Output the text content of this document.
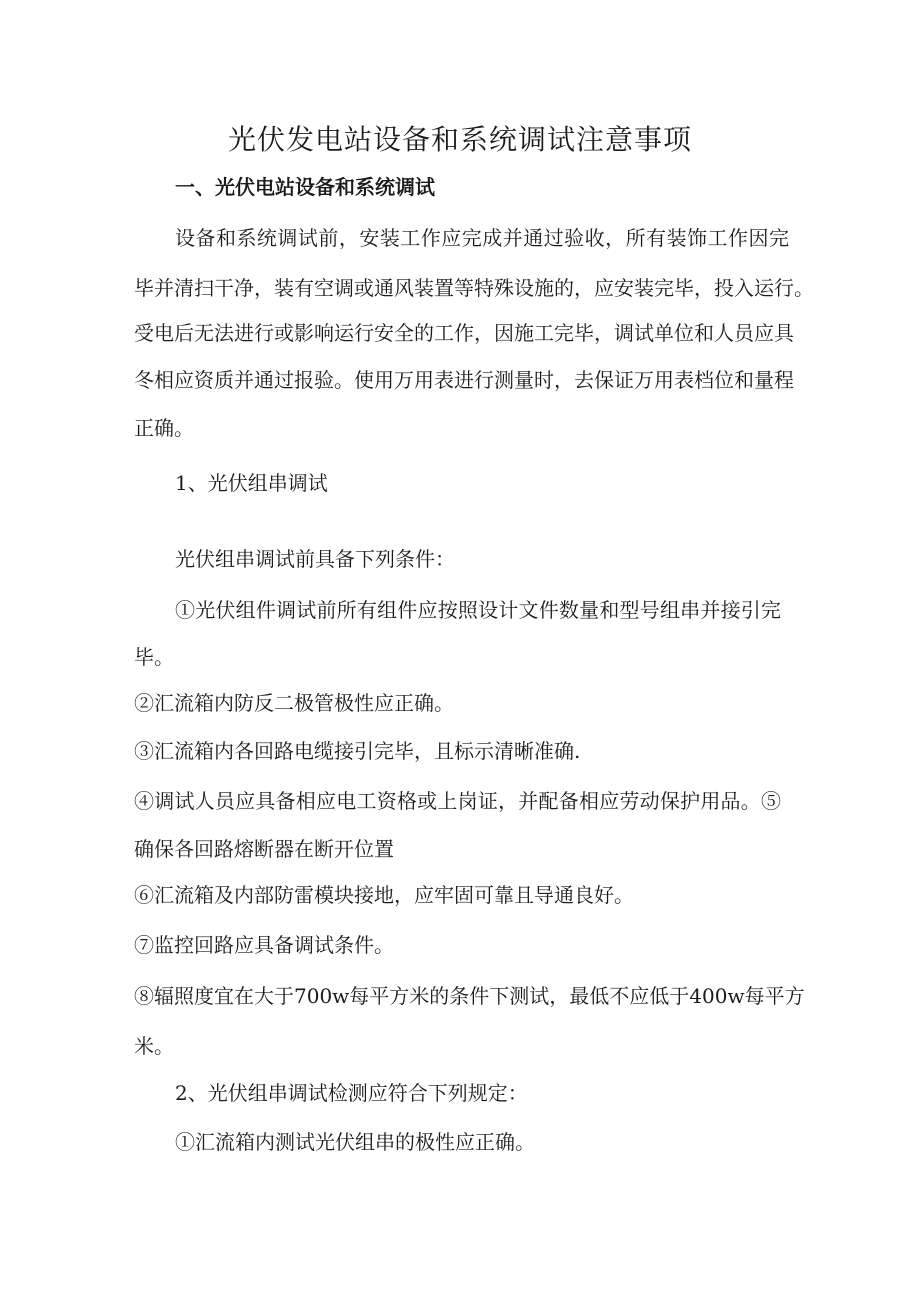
光伏发电站设备和系统调试注意事项
一、光伏电站设备和系统调试
设备和系统调试前，安装工作应完成并通过验收，所有装饰工作因完
毕并清扫干净，装有空调或通风装置等特殊设施的，应安装完毕，投入运行。
受电后无法进行或影响运行安全的工作，因施工完毕，调试单位和人员应具
冬相应资质并通过报验。使用万用表进行测量时，去保证万用表档位和量程
正确。
1、光伏组串调试
光伏组串调试前具备下列条件：
①光伏组件调试前所有组件应按照设计文件数量和型号组串并接引完
毕。
②汇流箱内防反二极管极性应正确。
③汇流箱内各回路电缆接引完毕，且标示清晰准确.
④调试人员应具备相应电工资格或上岗证，并配备相应劳动保护用品。⑤
确保各回路熔断器在断开位置
⑥汇流箱及内部防雷模块接地，应牢固可靠且导通良好。
⑦监控回路应具备调试条件。
⑧辐照度宜在大于700w每平方米的条件下测试，最低不应低于400w每平方
米。
2、光伏组串调试检测应符合下列规定：
①汇流箱内测试光伏组串的极性应正确。
